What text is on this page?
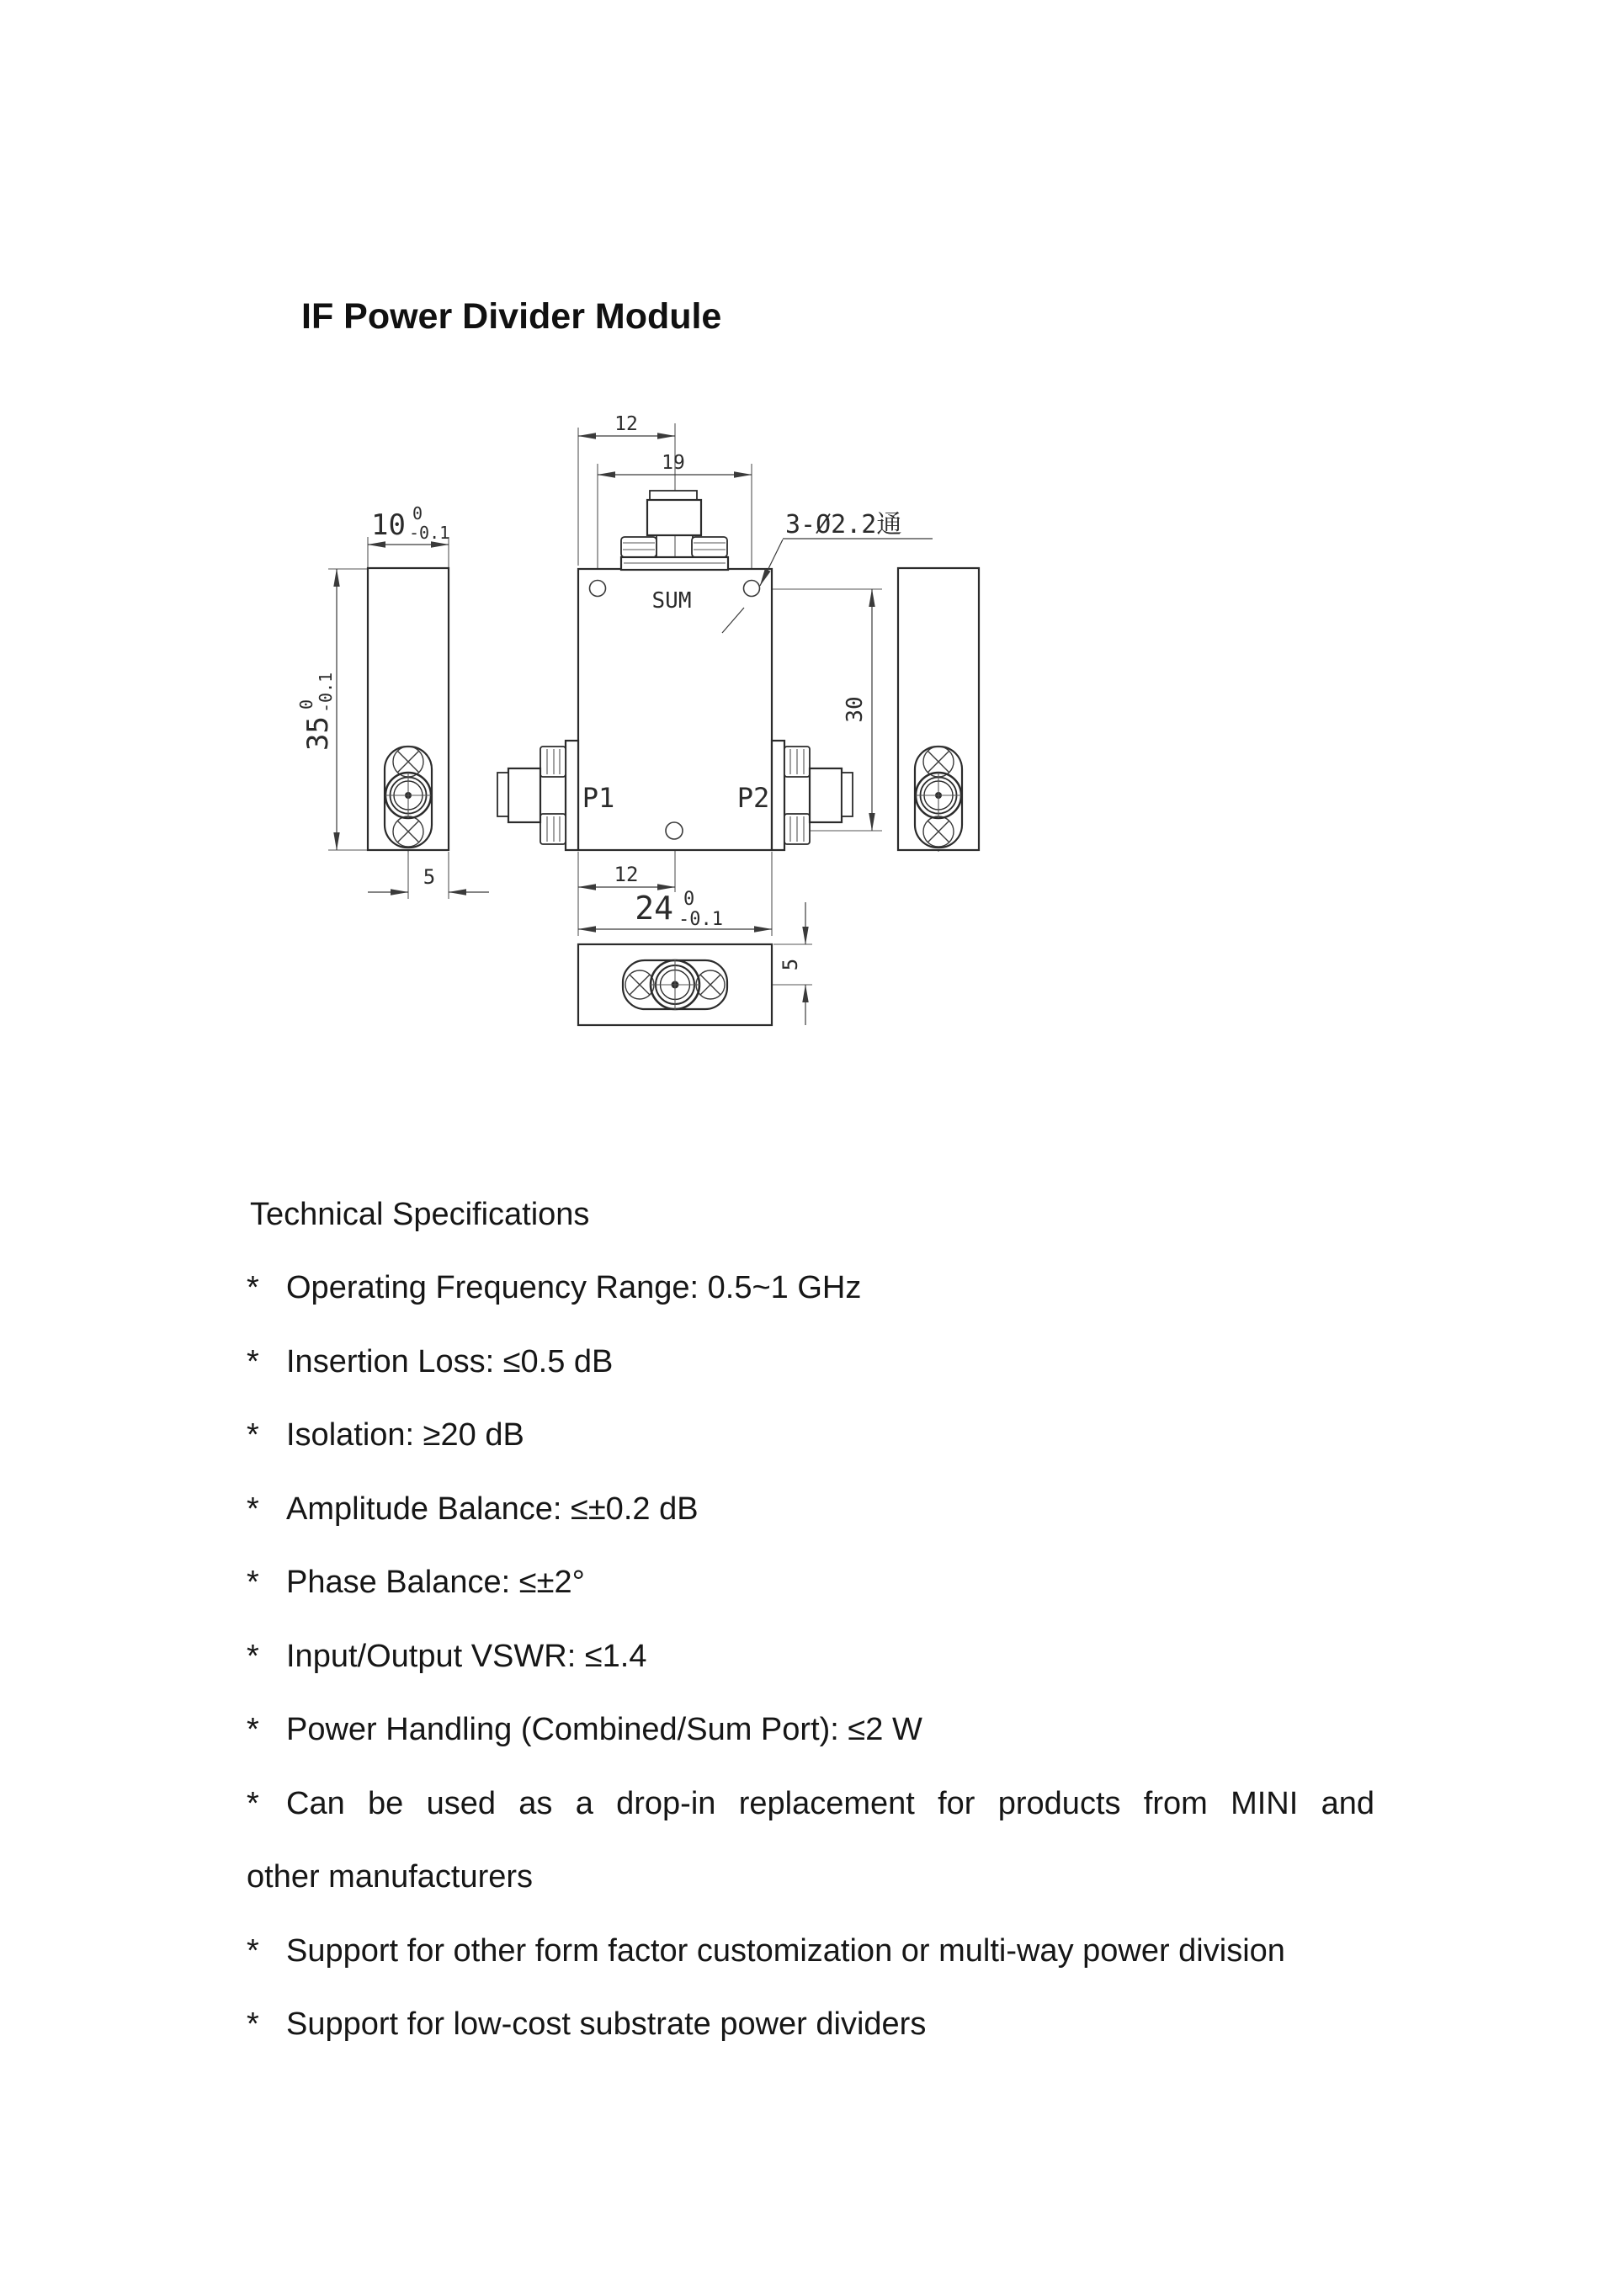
IF Power Divider Module
12
19
10 0
-0.1
35
0 -0.1
5
30
12
24 0
-0.1
5
SUM
P1	P2
3-Ø2.2通
Technical Specifications
* Operating Frequency Range: 0.5~1 GHz
* Insertion Loss: ≤0.5 dB
* Isolation: ≥20 dB
* Amplitude Balance: ≤±0.2 dB
* Phase Balance: ≤±2°
* Input/Output VSWR: ≤1.4
* Power Handling (Combined/Sum Port): ≤2 W
* Can be used as a drop-in replacement for products from MINI and
other manufacturers
* Support for other form factor customization or multi-way power division
* Support for low-cost substrate power dividers
